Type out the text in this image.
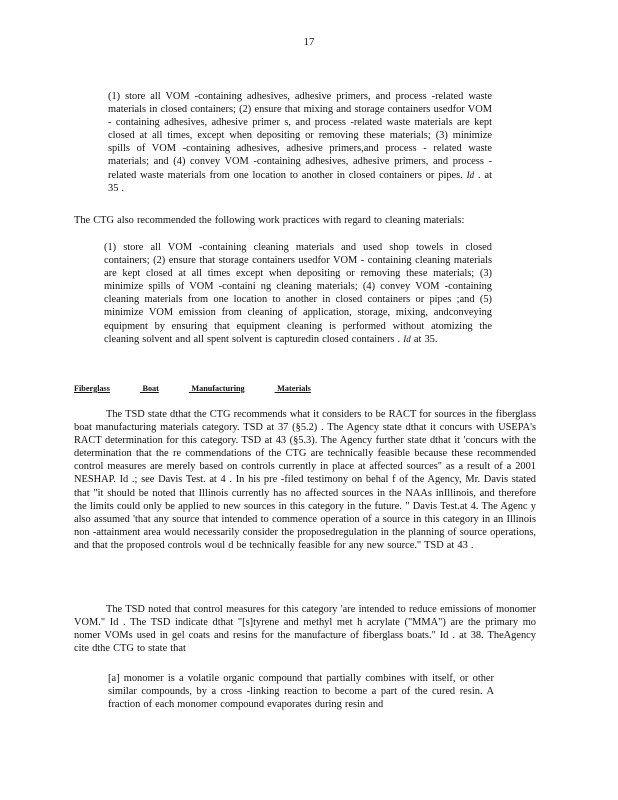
17
(1) store all VOM -containing adhesives, adhesive primers, and process -related waste materials in closed containers; (2) ensure that mixing and storage containers usedfor VOM - containing adhesives, adhesive primer s, and process -related waste materials are kept closed at all times, except when depositing or removing these materials; (3) minimize spills of VOM -containing adhesives, adhesive primers,and process - related waste materials; and (4) convey VOM -containing adhesives, adhesive primers, and process -related waste materials from one location to another in closed containers or pipes. Id . at 35 .
The CTG also recommended the following work practices with regard to cleaning materials:
(1) store all VOM -containing cleaning materials and used shop towels in closed containers; (2) ensure that storage containers usedfor VOM - containing cleaning materials are kept closed at all times except when depositing or removing these materials; (3) minimize spills of VOM -containi ng cleaning materials; (4) convey VOM -containing cleaning materials from one location to another in closed containers or pipes ;and (5) minimize VOM emission from cleaning of application, storage, mixing, andconveying equipment by ensuring that equipment cleaning is performed without atomizing the cleaning solvent and all spent solvent is capturedin closed containers . Id at 35.
Fiberglass	Boat	Manufacturing	Materials
The TSD state dthat the CTG recommends what it considers to be RACT for sources in the fiberglass boat manufacturing materials category. TSD at 37 (§5.2) . The Agency state dthat it concurs with USEPA's RACT determination for this category. TSD at 43 (§5.3). The Agency further state dthat it 'concurs with the determination that the re commendations of the CTG are technically feasible because these recommended control measures are merely based on controls currently in place at affected sources" as a result of a 2001 NESHAP. Id .; see Davis Test. at 4 . In his pre -filed testimony on behal f of the Agency, Mr. Davis stated that "it should be noted that Illinois currently has no affected sources in the NAAs inIllinois, and therefore the limits could only be applied to new sources in this category in the future. " Davis Test.at 4. The Agenc y also assumed 'that any source that intended to commence operation of a source in this category in an Illinois non -attainment area would necessarily consider the proposedregulation in the planning of source operations, and that the proposed controls woul d be technically feasible for any new source." TSD at 43 .
The TSD noted that control measures for this category 'are intended to reduce emissions of monomer VOM." Id . The TSD indicate dthat "[s]tyrene and methyl met h acrylate ("MMA") are the primary mo nomer VOMs used in gel coats and resins for the manufacture of fiberglass boats." Id . at 38. TheAgency cite dthe CTG to state that
[a] monomer is a volatile organic compound that partially combines with itself, or other similar compounds, by a cross -linking reaction to become a part of the cured resin. A fraction of each monomer compound evaporates during resin and
